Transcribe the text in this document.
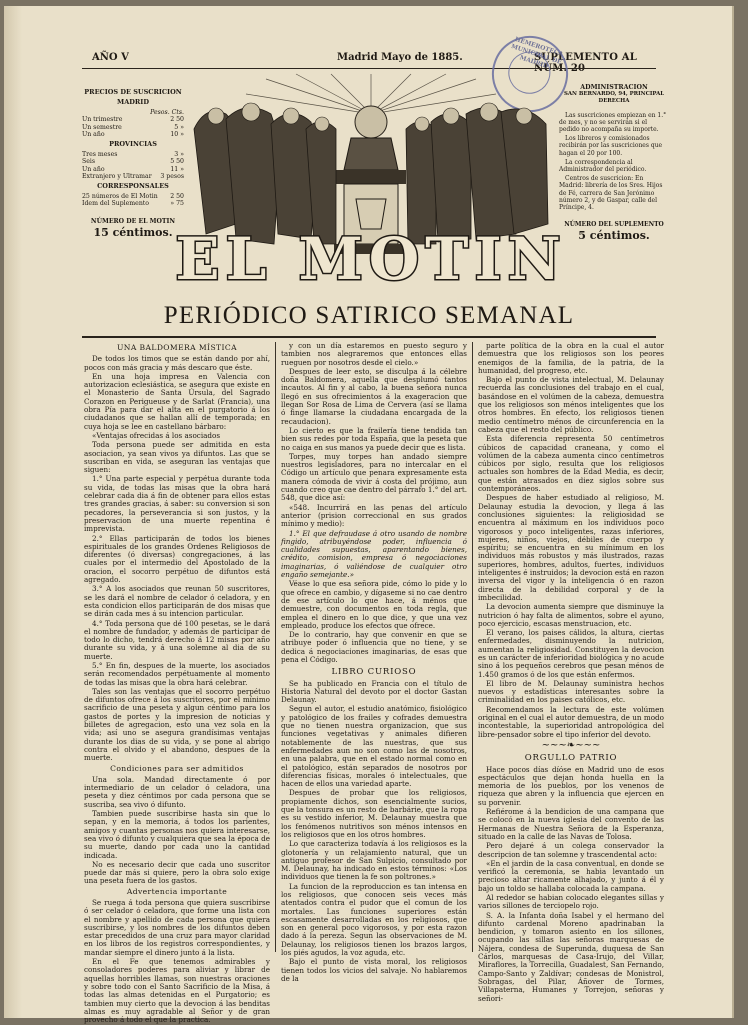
AÑO V	Madrid Mayo de 1885.	SUPLEMENTO AL NÚM. 20
HEMEROTECA MUNICIPAL DE MADRID
PRECIOS DE SUSCRICION
MADRID
Pesos. Cts.
Un trimestre	2 50
Un semestre	5 »
Un año	10 »
PROVINCIAS
Tres meses	3 »
Seis	5 50
Un año	11 »
Extranjero y Ultramar 3 pesos
CORRESPONSALES
25 números de El Motin 2 50
Idem del Suplemento	» 75
NÚMERO DE EL MOTIN
15 céntimos.
ADMINISTRACION
SAN BERNARDO, 94, PRINCIPAL DERECHA
Las suscriciones empiezan en 1.° de mes, y no se servirán si el pedido no acompaña su importe.
Los libreros y comisionados recibirán por las suscriciones que hagan el 20 por 100.
La correspondencia al Administrador del periódico.
Centros de suscricion: En Madrid: librería de los Sres. Hijos de Fé, carrera de San Jerónimo número 2, y de Gaspar, calle del Príncipe, 4.
NÚMERO DEL SUPLEMENTO
5 céntimos.
EL MOTIN
PERIÓDICO SATIRICO SEMANAL

UNA BALDOMERA MÍSTICA

De todos los timos que se están dando por ahí, pocos con más gracia y más descaro que éste.

En una hoja impresa en Valencia con autorizacion eclesiástica, se asegura que existe en el Monasterio de Santa Úrsula, del Sagrado Corazon en Perigueuse y de Sarlat (Francia), una obra Pía para dar el alta en el purgatorio á los ciudadanos que se hallan allí de temporada; en cuya hoja se lee en castellano bárbaro:

«Ventajas ofrecidas á los asociados

Toda persona puede ser admitida en esta asociacion, ya sean vivos ya difuntos. Las que se suscriban en vida, se aseguran las ventajas que siguen:

1.° Una parte especial y perpétua durante toda su vida, de todas las misas que la obra hará celebrar cada dia á fin de obtener para ellos estas tres grandes gracias, á saber: su conversion si son pecadores, la perseverancia si son justos, y la preservacion de una muerte repentina é imprevista.

2.° Ellas participarán de todos los bienes espirituales de los grandes Ordenes Religiosos de diferentes (ó diversas) congregaciones, á las cuales por el intermedio del Apostolado de la oracion, el socorro perpétuo de difuntos está agregado.

3.° A los asociados que reunan 50 suscritores, se les dará el nombre de celador ó celadora, y en esta condicion ellos participarán de dos misas que se dirán cada mes á su intencion particular.

4.° Toda persona que dé 100 pesetas, se le dará el nombre de fundador, y además de participar de todo lo dicho, tendrá derecho á 12 misas por año durante su vida, y á una solemne al dia de su muerte.

5.° En fin, despues de la muerte, los asociados serán recomendados perpétuamente al momento de todas las misas que la obra hará celebrar.

Tales son las ventajas que el socorro perpétuo de difuntos ofrece á los suscritores, por el mínimo sacrificio de una peseta y algun céntimo para los gastos de portes y la impresion de noticias y billetes de agregacion, esto una vez sola en la vida; así uno se asegura grandísimas ventajas durante los dias de su vida, y se pone al abrigo contra el olvido y el abandono, despues de la muerte.

Condiciones para ser admitidos

Una sola. Mandad directamente ó por intermediario de un celador ó celadora, una peseta y diez céntimos por cada persona que se suscriba, sea vivo ó difunto.

Tambien puede suscribirse hasta sin que lo sepan, y en la memoria, á todos los parientes, amigos y cuantas personas nos quiera interesarse, sea vivo ó difunto y cualquiera que sea la época de su muerte, dando por cada uno la cantidad indicada.

No es necesario decir que cada uno suscritor puede dar más si quiere, pero la obra solo exige una peseta fuera de los gastos.

Advertencia importante

Se ruega á toda persona que quiera suscribirse ó ser celador ó celadora, que forme una lista con el nombre y apellido de cada persona que quiera suscribirse, y los nombres de los difuntos deben estar precedidos de una cruz para mayor claridad en los libros de los registros correspondientes, y mandar siempre el dinero junto á la lista.

En el Fe que tenemos admirables y consoladores poderes para aliviar y librar de aquellas horribles llamas, son nuestras oraciones y sobre todo con el Santo Sacrificio de la Misa, á todas las almas detenidas en el Purgatorio; es tambien muy cierto que la devocion á las benditas almas es muy agradable al Señor y de gran provecho á todo el que la practica.

y con un día estaremos en puesto seguro y tambien nos alegraremos que entonces ellas rueguen por nosotros desde el cielo.»

Despues de leer esto, se disculpa á la célebre doña Baldomera, aquella que desplumó tantos incautos. Al fin y al cabo, la buena señora nunca llegó en sus ofrecimientos á la exageracion que llegan Sor Rosa de Lima de Cervera (así se llama ó finge llamarse la ciudadana encargada de la recaudacion).

Lo cierto es que la frailería tiene tendida tan bien sus redes por toda España, que la peseta que no caiga en sus manos ya puede decir que es lista.

Torpes, muy torpes han andado siempre nuestros legisladores, para no intercalar en el Código un artículo que penara expresamente esta manera cómoda de vivir á costa del prójimo, aun cuando creo que cae dentro del párrafo 1.° del art. 548, que dice así:

«548. Incurrirá en las penas del artículo anterior (prision correccional en sus grados mínimo y medio):

1.° El que defraudase á otro usando de nombre fingido, atribuyéndose poder, influencia ó cualidades supuestas, aparentando bienes, crédito, comision, empresa ó negociaciones imaginarias, ó valiéndose de cualquier otro engaño semejante.»

Véase lo que esa señora pide, cómo lo pide y lo que ofrece en cambio, y dígaseme si no cae dentro de ese artículo lo que hace, á ménos que demuestre, con documentos en toda regla, que emplea el dinero en lo que dice, y que una vez empleado, produce los efectos que ofrece.

De lo contrario, hay que convenir en que se atribuye poder ó influencia que no tiene, y se dedica á negociaciones imaginarias, de esas que pena el Código.

LIBRO CURIOSO

Se ha publicado en Francia con el título de Historia Natural del devoto por el doctor Gastan Delaunay.

Segun el autor, el estudio anatómico, fisiológico y patológico de los frailes y cofrades demuestra que no tienen nuestra organizacion, que sus funciones vegetativas y animales difieren notablemente de las nuestras, que sus enfermedades aun no son como las de nosotros, en una palabra, que en el estado normal como en el patológico, están separados de nosotros por diferencias físicas, morales ó intelectuales, que hacen de ellos una variedad aparte.

Despues de probar que los religiosos, propiamente dichos, son esencialmente sucios, que la tonsura es un resto de barbárie, que la ropa es su vestido inferior, M. Delaunay muestra que los fenómenos nutritivos son ménos intensos en los religiosos que en los otros hombres.

Lo que caracteriza todavía á los religiosos es la glotonería y un relajamiento natural, que un antiguo profesor de San Sulpicio, consultado por M. Delaunay, ha indicado en estos términos: «Los individuos que tienen la fe son poltrones.»

La funcion de la reproduccion es tan intensa en los religiosos, que conocen seis veces más atentados contra el pudor que el comun de los mortales. Las funciones superiores están escasamente desarrolladas en los religiosos, que son en general poco vigorosos, y por esta razon dado á la pereza. Segun las observaciones de M. Delaunay, los religiosos tienen los brazos largos, los piés agudos, la voz aguda, etc.

Bajo el punto de vista moral, los religiosos tienen todos los vicios del salvaje. No hablaremos de la

parte política de la obra en la cual el autor demuestra que los religiosos son los peores enemigos de la familia, de la patria, de la humanidad, del progreso, etc.

Bajo el punto de vista intelectual, M. Delaunay recuerda las conclusiones del trabajo en el cual, basándose en el volúmen de la cabeza, demuestra que los religiosos son ménos inteligentes que los otros hombres. En efecto, los religiosos tienen medio centímetro ménos de circunferencia en la cabeza que el resto del público.

Esta diferencia representa 50 centímetros cúbicos de capacidad craneana, y como el volúmen de la cabeza aumenta cinco centímetros cúbicos por siglo, resulta que los religiosos actuales son hombres de la Edad Media, es decir, que están atrasados en diez siglos sobre sus contemporáneos.

Despues de haber estudiado al religioso, M. Delaunay estudia la devocion, y llega á las conclusiones siguientes: la religiosidad se encuentra al máximum en los individuos poco vigorosos y poco inteligentes, razas inferiores, mujeres, niños, viejos, débiles de cuerpo y espíritu; se encuentra en su mínimum en los individuos más robustos y más ilustrados, razas superiores, hombres, adultos, fuertes, individuos inteligentes é instruidos; la devocion está en razon inversa del vigor y la inteligencia ó en razon directa de la debilidad corporal y de la imbecilidad.

La devocion aumenta siempre que disminuye la nutricion ó hay falta de alimentos, sobre el ayuno, poco ejercicio, escasas menstruacion, etc.

El verano, los paises cálidos, la altura, ciertas enfermedades, disminuyendo la nutricion, aumentan la religiosidad. Constituyen la devocion es un carácter de inferioridad biológica y no acude sino á los pequeños cerebros que pesan ménos de 1.450 gramos ó de los que están enfermos.

El libro de M. Delaunay suministra hechos nuevos y estadísticas interesantes sobre la criminalidad en los paises católicos, etc.

Recomendamos la lectura de este volúmen original en el cual el autor demuestra, de un modo incontestable, la superioridad antropológica del libre-pensador sobre el tipo inferior del devoto.

~~~❧~~~

ORGULLO PATRIO

Hace pocos días díóse en Madrid uno de esos espectáculos que dejan honda huella en la memoria de los pueblos, por los venenos de riqueza que abren y la influencia que ejercen en su porvenir.

Refiérome á la bendicion de una campana que se colocó en la nueva iglesia del convento de las Hermanas de Nuestra Señora de la Esperanza, situado en la calle de las Navas de Tolosa.

Pero dejaré á un colega conservador la descripcion de tan solemne y trascendental acto:

«En el jardin de la casa conventual, en donde se verificó la ceremonia, se habia levantado un precioso altar ricamente alhajado, y junto á él y bajo un toldo se hallaba colocada la campana.

Al rededor se habian colocado elegantes sillas y varios sillones de terciopelo rojo.

S. A. la Infanta doña Isabel y el hermano del difunto cardenal Moreno apadrinaban la bendicion, y tomaron asiento en los sillones, ocupando las sillas las señoras marquesas de Nájera, condesa de Superunda, duquesa de San Cárlos, marquesas de Casa-Irujo, del Villar, Miraflores, la Torrecilla, Guadalest, San Fernando, Campo-Santo y Zaldívar; condesas de Monistrol, Sobragas, del Pilar, Áñover de Tormes, Villapaterna, Humanes y Torrejon, señoras y señori-
